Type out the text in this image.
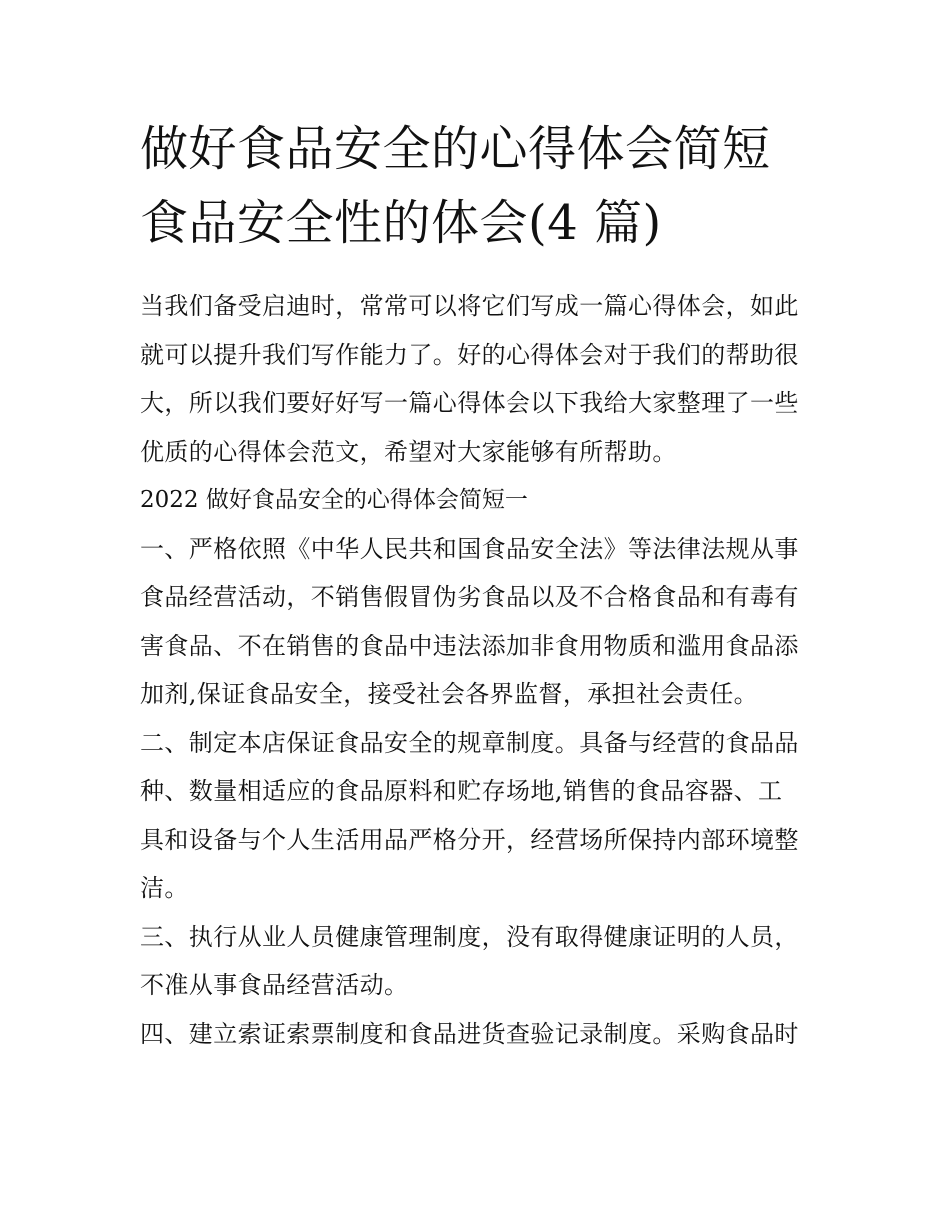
做好食品安全的心得体会简短
食品安全性的体会(4 篇)
当我们备受启迪时，常常可以将它们写成一篇心得体会，如此
就可以提升我们写作能力了。好的心得体会对于我们的帮助很
大，所以我们要好好写一篇心得体会以下我给大家整理了一些
优质的心得体会范文，希望对大家能够有所帮助。
2022 做好食品安全的心得体会简短一
一、严格依照《中华人民共和国食品安全法》等法律法规从事
食品经营活动，不销售假冒伪劣食品以及不合格食品和有毒有
害食品、不在销售的食品中违法添加非食用物质和滥用食品添
加剂,保证食品安全，接受社会各界监督，承担社会责任。
二、制定本店保证食品安全的规章制度。具备与经营的食品品
种、数量相适应的食品原料和贮存场地,销售的食品容器、工
具和设备与个人生活用品严格分开，经营场所保持内部环境整
洁。
三、执行从业人员健康管理制度，没有取得健康证明的人员，
不准从事食品经营活动。
四、建立索证索票制度和食品进货查验记录制度。采购食品时
